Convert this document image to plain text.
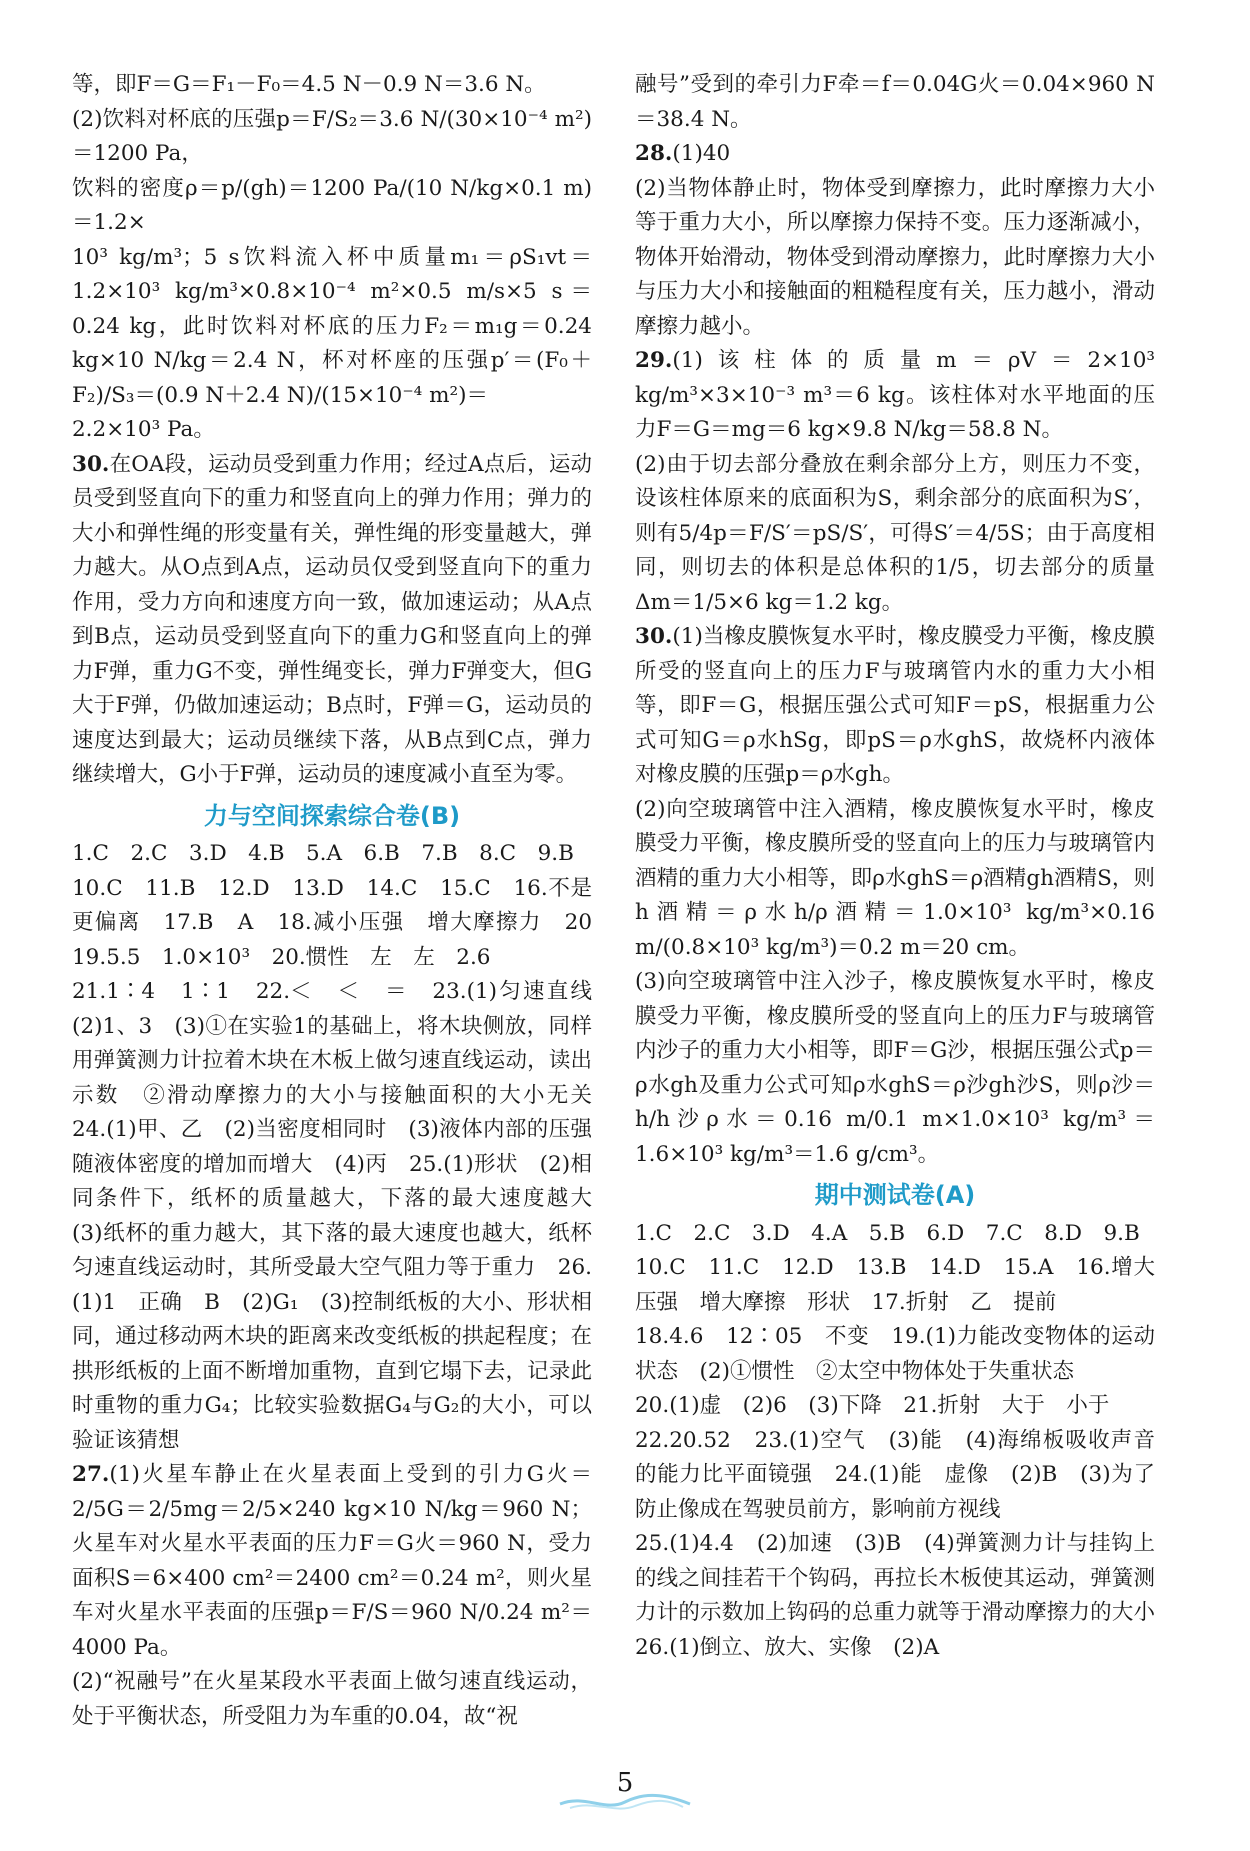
等，即F＝G＝F₁－F₀＝4.5 N－0.9 N＝3.6 N。

(2)饮料对杯底的压强p＝F/S₂＝3.6 N/(30×10⁻⁴ m²)＝1200 Pa，

饮料的密度ρ＝p/(gh)＝1200 Pa/(10 N/kg×0.1 m)＝1.2×

10³ kg/m³；5 s饮料流入杯中质量m₁＝ρS₁vt＝1.2×10³ kg/m³×0.8×10⁻⁴ m²×0.5 m/s×5 s＝0.24 kg，此时饮料对杯底的压力F₂＝m₁g＝0.24 kg×10 N/kg＝2.4 N，杯对杯座的压强p′＝(F₀＋F₂)/S₃＝(0.9 N＋2.4 N)/(15×10⁻⁴ m²)＝

2.2×10³ Pa。

30.在OA段，运动员受到重力作用；经过A点后，运动员受到竖直向下的重力和竖直向上的弹力作用；弹力的大小和弹性绳的形变量有关，弹性绳的形变量越大，弹力越大。从O点到A点，运动员仅受到竖直向下的重力作用，受力方向和速度方向一致，做加速运动；从A点到B点，运动员受到竖直向下的重力G和竖直向上的弹力F弹，重力G不变，弹性绳变长，弹力F弹变大，但G大于F弹，仍做加速运动；B点时，F弹＝G，运动员的速度达到最大；运动员继续下落，从B点到C点，弹力继续增大，G小于F弹，运动员的速度减小直至为零。

力与空间探索综合卷(B)

1.C　2.C　3.D　4.B　5.A　6.B　7.B　8.C　9.B

10.C　11.B　12.D　13.D　14.C　15.C　16.不是　更偏离　17.B　A　18.减小压强　增大摩擦力　20　19.5.5　1.0×10³　20.惯性　左　左　2.6

21.1∶4　1∶1　22.＜　＜　＝　23.(1)匀速直线　(2)1、3　(3)①在实验1的基础上，将木块侧放，同样用弹簧测力计拉着木块在木板上做匀速直线运动，读出示数　②滑动摩擦力的大小与接触面积的大小无关　24.(1)甲、乙　(2)当密度相同时　(3)液体内部的压强随液体密度的增加而增大　(4)丙　25.(1)形状　(2)相同条件下，纸杯的质量越大，下落的最大速度越大　(3)纸杯的重力越大，其下落的最大速度也越大，纸杯匀速直线运动时，其所受最大空气阻力等于重力　26.(1)1　正确　B　(2)G₁　(3)控制纸板的大小、形状相同，通过移动两木块的距离来改变纸板的拱起程度；在拱形纸板的上面不断增加重物，直到它塌下去，记录此时重物的重力G₄；比较实验数据G₄与G₂的大小，可以验证该猜想

27.(1)火星车静止在火星表面上受到的引力G火＝2/5G＝2/5mg＝2/5×240 kg×10 N/kg＝960 N；火星车对火星水平表面的压力F＝G火＝960 N，受力面积S＝6×400 cm²＝2400 cm²＝0.24 m²，则火星车对火星水平表面的压强p＝F/S＝960 N/0.24 m²＝4000 Pa。

(2)“祝融号”在火星某段水平表面上做匀速直线运动，处于平衡状态，所受阻力为车重的0.04，故“祝

融号”受到的牵引力F牵＝f＝0.04G火＝0.04×960 N＝38.4 N。

28.(1)40

(2)当物体静止时，物体受到摩擦力，此时摩擦力大小等于重力大小，所以摩擦力保持不变。压力逐渐减小，物体开始滑动，物体受到滑动摩擦力，此时摩擦力大小与压力大小和接触面的粗糙程度有关，压力越小，滑动摩擦力越小。

29.(1)该柱体的质量m＝ρV＝2×10³ kg/m³×3×10⁻³ m³＝6 kg。该柱体对水平地面的压力F＝G＝mg＝6 kg×9.8 N/kg＝58.8 N。

(2)由于切去部分叠放在剩余部分上方，则压力不变，设该柱体原来的底面积为S，剩余部分的底面积为S′，则有5/4p＝F/S′＝pS/S′，可得S′＝4/5S；由于高度相同，则切去的体积是总体积的1/5，切去部分的质量Δm＝1/5×6 kg＝1.2 kg。

30.(1)当橡皮膜恢复水平时，橡皮膜受力平衡，橡皮膜所受的竖直向上的压力F与玻璃管内水的重力大小相等，即F＝G，根据压强公式可知F＝pS，根据重力公式可知G＝ρ水hSg，即pS＝ρ水ghS，故烧杯内液体对橡皮膜的压强p＝ρ水gh。

(2)向空玻璃管中注入酒精，橡皮膜恢复水平时，橡皮膜受力平衡，橡皮膜所受的竖直向上的压力与玻璃管内酒精的重力大小相等，即ρ水ghS＝ρ酒精gh酒精S，则h酒精＝ρ水h/ρ酒精＝1.0×10³ kg/m³×0.16 m/(0.8×10³ kg/m³)＝0.2 m＝20 cm。

(3)向空玻璃管中注入沙子，橡皮膜恢复水平时，橡皮膜受力平衡，橡皮膜所受的竖直向上的压力F与玻璃管内沙子的重力大小相等，即F＝G沙，根据压强公式p＝ρ水gh及重力公式可知ρ水ghS＝ρ沙gh沙S，则ρ沙＝h/h沙ρ水＝0.16 m/0.1 m×1.0×10³ kg/m³＝1.6×10³ kg/m³＝1.6 g/cm³。

期中测试卷(A)

1.C　2.C　3.D　4.A　5.B　6.D　7.C　8.D　9.B

10.C　11.C　12.D　13.B　14.D　15.A　16.增大压强　增大摩擦　形状　17.折射　乙　提前

18.4.6　12∶05　不变　19.(1)力能改变物体的运动状态　(2)①惯性　②太空中物体处于失重状态

20.(1)虚　(2)6　(3)下降　21.折射　大于　小于

22.20.52　23.(1)空气　(3)能　(4)海绵板吸收声音的能力比平面镜强　24.(1)能　虚像　(2)B　(3)为了防止像成在驾驶员前方，影响前方视线

25.(1)4.4　(2)加速　(3)B　(4)弹簧测力计与挂钩上的线之间挂若干个钩码，再拉长木板使其运动，弹簧测力计的示数加上钩码的总重力就等于滑动摩擦力的大小　26.(1)倒立、放大、实像　(2)A

5
